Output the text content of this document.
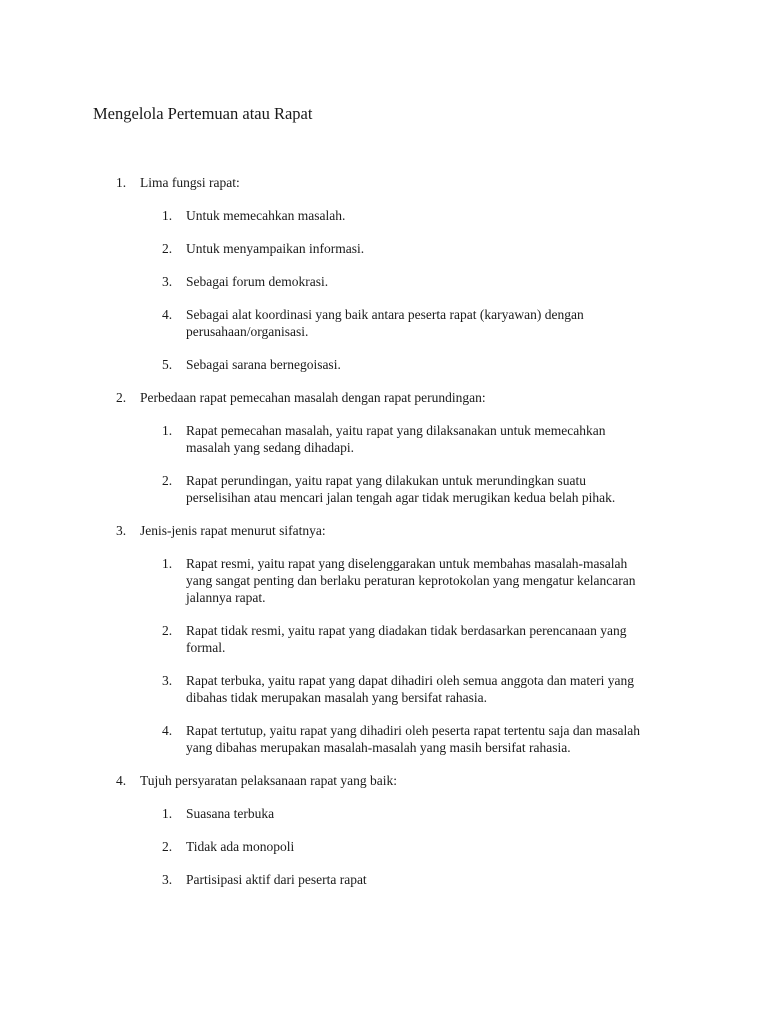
Mengelola Pertemuan atau Rapat
1. Lima fungsi rapat:
1. Untuk memecahkan masalah.
2. Untuk menyampaikan informasi.
3. Sebagai forum demokrasi.
4. Sebagai alat koordinasi yang baik antara peserta rapat (karyawan) dengan perusahaan/organisasi.
5. Sebagai sarana bernegoisasi.
2. Perbedaan rapat pemecahan masalah dengan rapat perundingan:
1. Rapat pemecahan masalah, yaitu rapat yang dilaksanakan untuk memecahkan masalah yang sedang dihadapi.
2. Rapat perundingan, yaitu rapat yang dilakukan untuk merundingkan suatu perselisihan atau mencari jalan tengah agar tidak merugikan kedua belah pihak.
3. Jenis-jenis rapat menurut sifatnya:
1. Rapat resmi, yaitu rapat yang diselenggarakan untuk membahas masalah-masalah yang sangat penting dan berlaku peraturan keprotokolan yang mengatur kelancaran jalannya rapat.
2. Rapat tidak resmi, yaitu rapat yang diadakan tidak berdasarkan perencanaan yang formal.
3. Rapat terbuka, yaitu rapat yang dapat dihadiri oleh semua anggota dan materi yang dibahas tidak merupakan masalah yang bersifat rahasia.
4. Rapat tertutup, yaitu rapat yang dihadiri oleh peserta rapat tertentu saja dan masalah yang dibahas merupakan masalah-masalah yang masih bersifat rahasia.
4. Tujuh persyaratan pelaksanaan rapat yang baik:
1. Suasana terbuka
2. Tidak ada monopoli
3. Partisipasi aktif dari peserta rapat
